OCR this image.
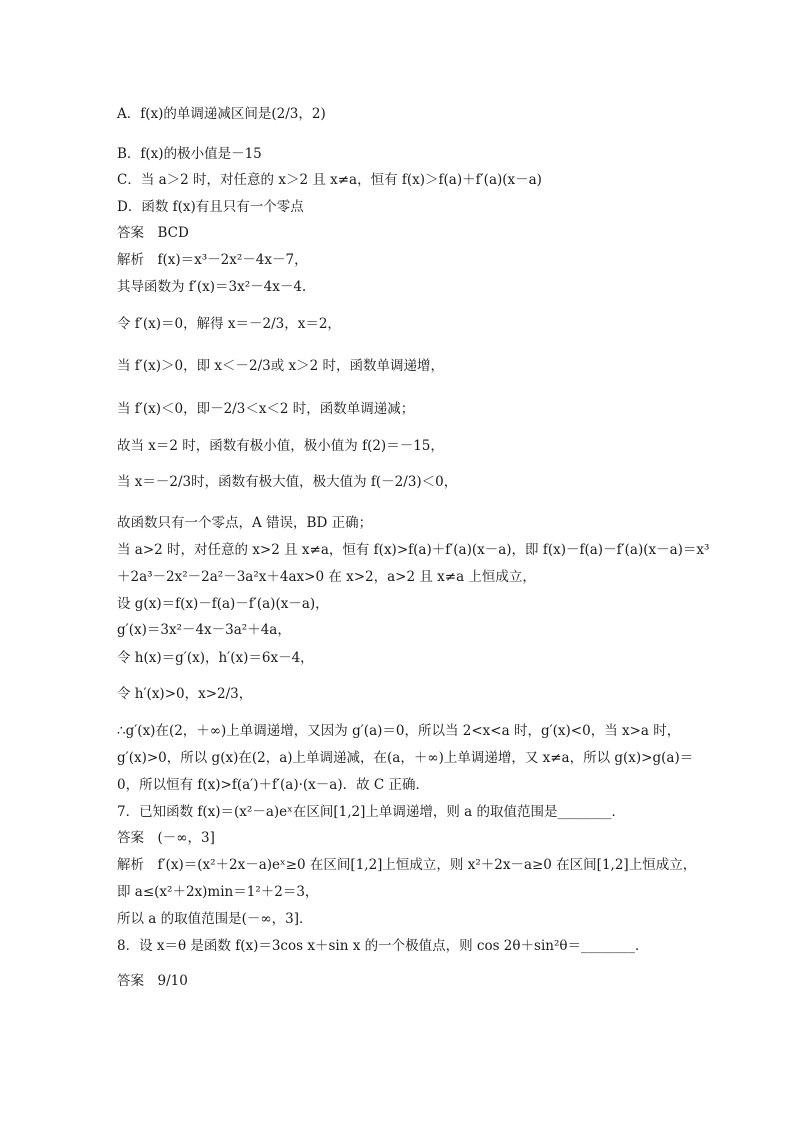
A．f(x)的单调递减区间是(2/3，2)
B．f(x)的极小值是－15
C．当 a＞2 时，对任意的 x＞2 且 x≠a，恒有 f(x)＞f(a)＋f′(a)(x－a)
D．函数 f(x)有且只有一个零点
答案　BCD
解析　f(x)＝x³－2x²－4x－7，
其导函数为 f′(x)＝3x²－4x－4.
令 f′(x)＝0，解得 x＝－2/3，x＝2，
当 f′(x)＞0，即 x＜－2/3或 x＞2 时，函数单调递增，
当 f′(x)＜0，即－2/3＜x＜2 时，函数单调递减；
故当 x＝2 时，函数有极小值，极小值为 f(2)＝－15，
当 x＝－2/3时，函数有极大值，极大值为 f(－2/3)＜0，
故函数只有一个零点，A 错误，BD 正确；
当 a>2 时，对任意的 x>2 且 x≠a，恒有 f(x)>f(a)＋f′(a)(x－a)，即 f(x)－f(a)－f′(a)(x－a)＝x³
＋2a³－2x²－2a²－3a²x＋4ax>0 在 x>2，a>2 且 x≠a 上恒成立，
设 g(x)＝f(x)－f(a)－f′(a)(x－a)，
g′(x)＝3x²－4x－3a²＋4a，
令 h(x)＝g′(x)，h′(x)＝6x－4，
令 h′(x)>0，x>2/3，
∴g′(x)在(2，＋∞)上单调递增，又因为 g′(a)＝0，所以当 2<x<a 时，g′(x)<0，当 x>a 时，
g′(x)>0，所以 g(x)在(2，a)上单调递减，在(a，＋∞)上单调递增，又 x≠a，所以 g(x)>g(a)＝
0，所以恒有 f(x)>f(a′)＋f′(a)·(x－a)．故 C 正确．
7．已知函数 f(x)＝(x²－a)eˣ在区间[1,2]上单调递增，则 a 的取值范围是________．
答案　(－∞，3]
解析　f′(x)＝(x²＋2x－a)eˣ≥0 在区间[1,2]上恒成立，则 x²＋2x－a≥0 在区间[1,2]上恒成立，
即 a≤(x²＋2x)min＝1²＋2＝3，
所以 a 的取值范围是(－∞，3]．
8．设 x＝θ 是函数 f(x)＝3cos x＋sin x 的一个极值点，则 cos 2θ＋sin²θ＝________．
答案　9/10
